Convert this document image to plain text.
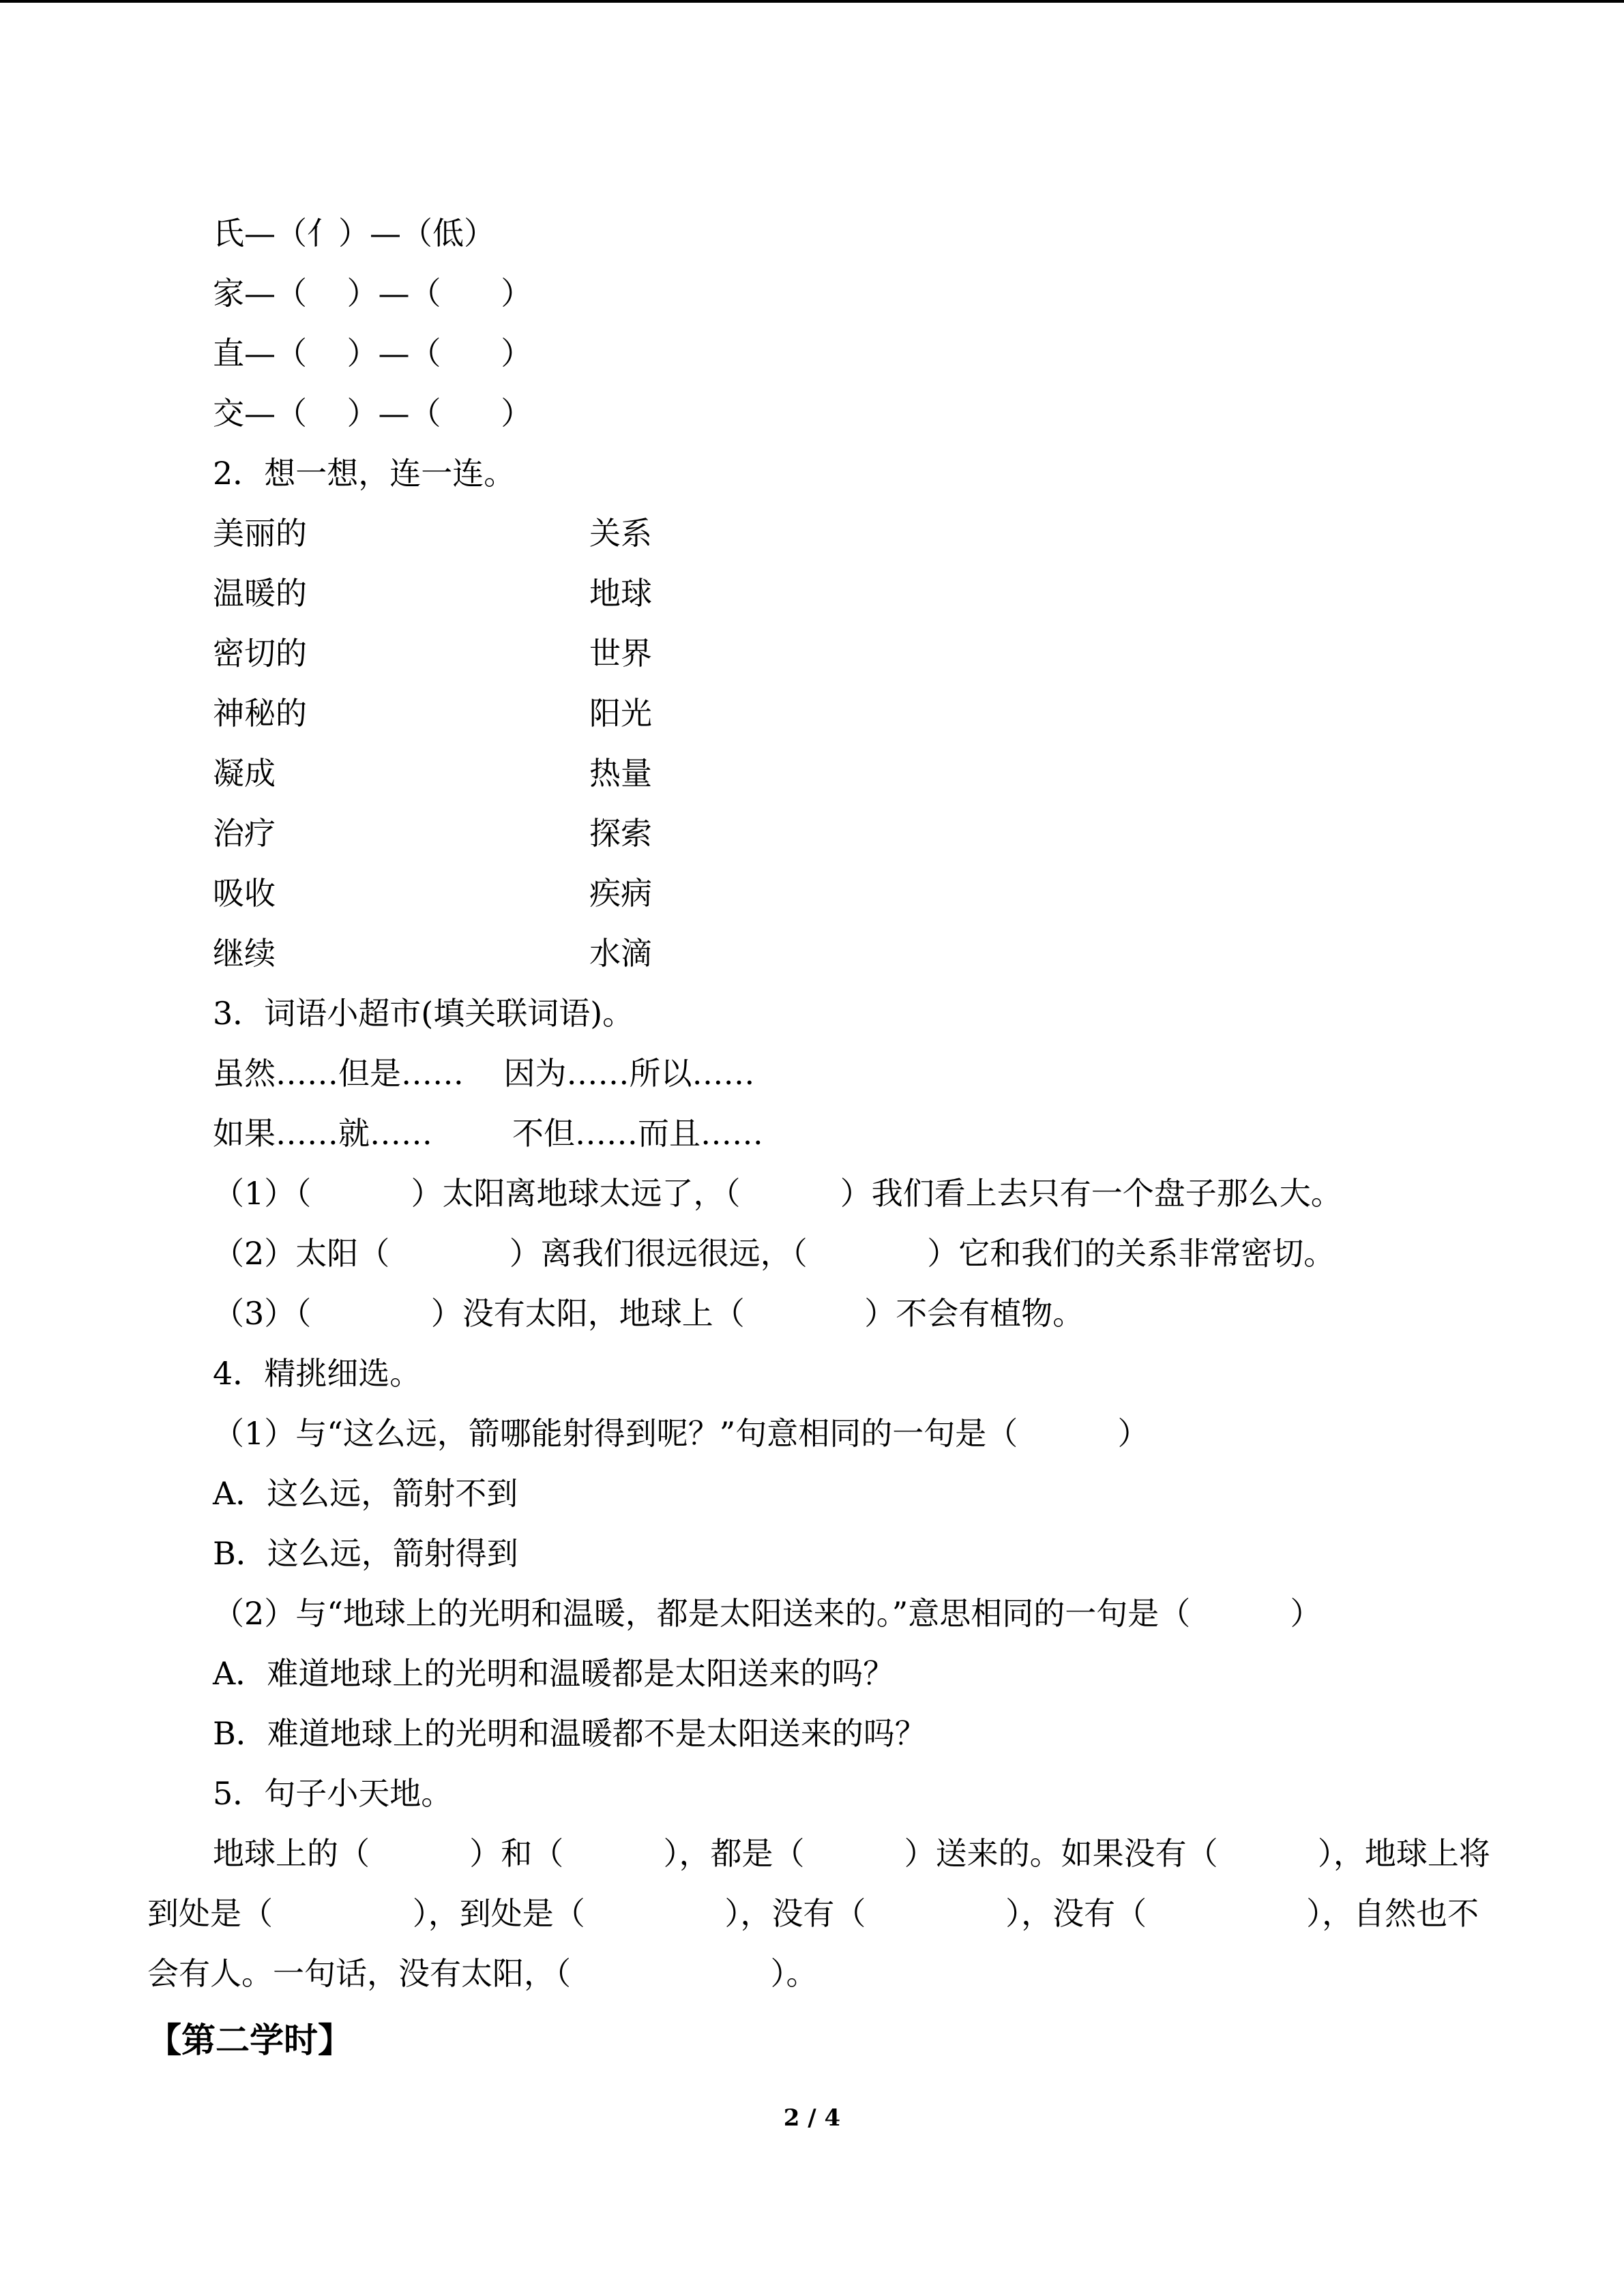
氏—（亻）—（低）
家—（    ）—（      ）
直—（    ）—（      ）
交—（    ）—（      ）
2．想一想，连一连。
美丽的	关系
温暖的	地球
密切的	世界
神秘的	阳光
凝成	热量
治疗	探索
吸收	疾病
继续	水滴
3．词语小超市(填关联词语)。
虽然……但是……    因为……所以……
如果……就……        不但……而且……
（1）（          ）太阳离地球太远了，（          ）我们看上去只有一个盘子那么大。
（2）太阳（            ）离我们很远很远，（            ）它和我们的关系非常密切。
（3）（            ）没有太阳，地球上（            ）不会有植物。
4．精挑细选。
（1）与“这么远，箭哪能射得到呢？”句意相同的一句是（          ）
A．这么远，箭射不到
B．这么远，箭射得到
（2）与“地球上的光明和温暖，都是太阳送来的。”意思相同的一句是（          ）
A．难道地球上的光明和温暖都是太阳送来的吗？
B．难道地球上的光明和温暖都不是太阳送来的吗？
5．句子小天地。
地球上的（          ）和（          ），都是（          ）送来的。如果没有（          ），地球上将
到处是（              ），到处是（              ），没有（              ），没有（                ），自然也不
会有人。一句话，没有太阳，（                    ）。
【第二学时】
2 / 4
